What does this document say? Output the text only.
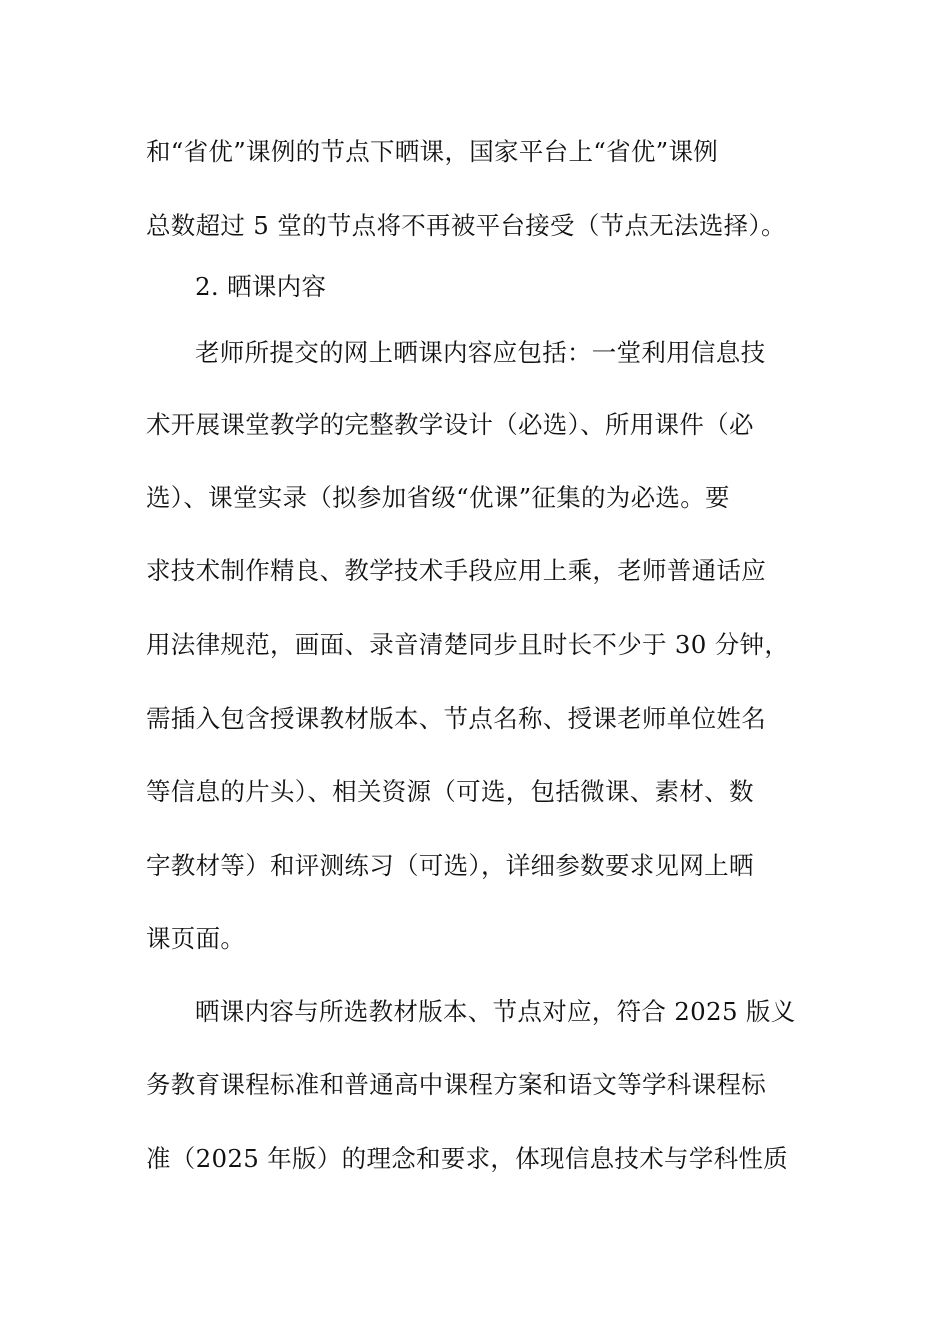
和“省优”课例的节点下晒课，国家平台上“省优”课例
总数超过 5 堂的节点将不再被平台接受（节点无法选择）。
2. 晒课内容
老师所提交的网上晒课内容应包括：一堂利用信息技
术开展课堂教学的完整教学设计（必选）、所用课件（必
选）、课堂实录（拟参加省级“优课”征集的为必选。要
求技术制作精良、教学技术手段应用上乘，老师普通话应
用法律规范，画面、录音清楚同步且时长不少于 30 分钟，
需插入包含授课教材版本、节点名称、授课老师单位姓名
等信息的片头）、相关资源（可选，包括微课、素材、数
字教材等）和评测练习（可选），详细参数要求见网上晒
课页面。
晒课内容与所选教材版本、节点对应，符合 2025 版义
务教育课程标准和普通高中课程方案和语文等学科课程标
准（2025 年版）的理念和要求，体现信息技术与学科性质
